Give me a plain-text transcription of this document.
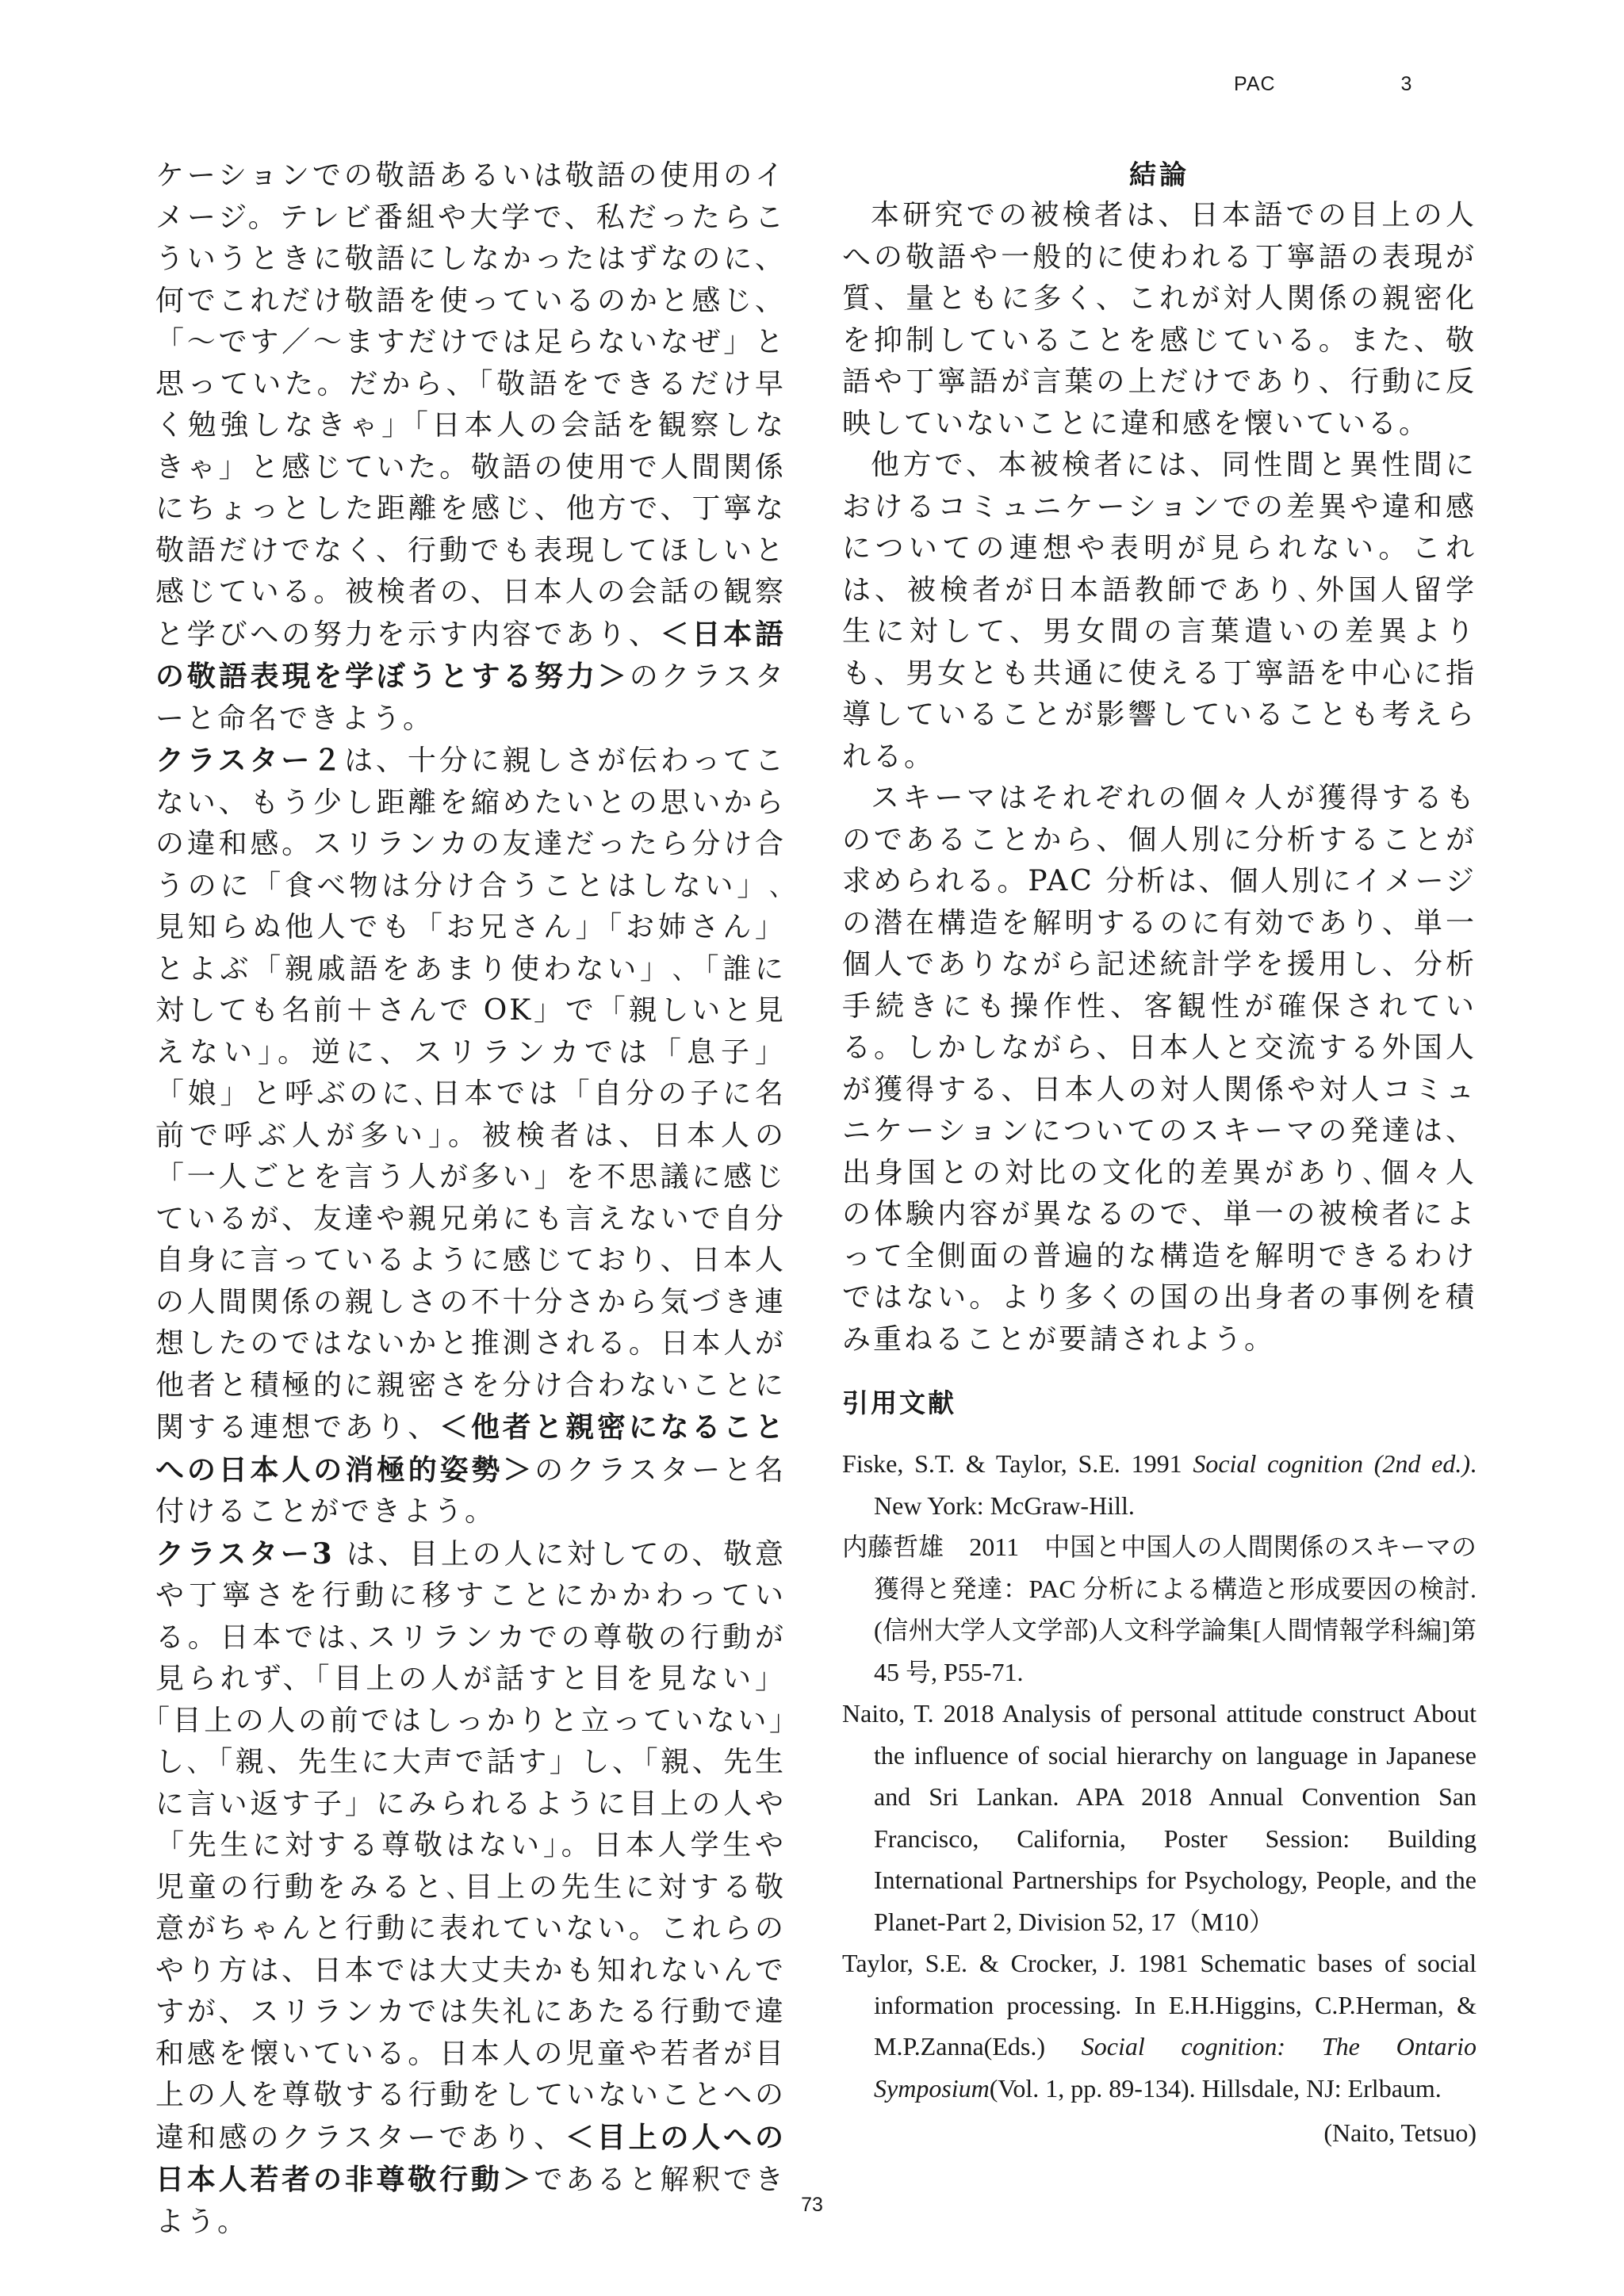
PAC	3

ケーションでの敬語あるいは敬語の使用のイメージ。テレビ番組や大学で、私だったらこういうときに敬語にしなかったはずなのに、何でこれだけ敬語を使っているのかと感じ、「～です／～ますだけでは足らないなぜ」と思っていた。だから、「敬語をできるだけ早く勉強しなきゃ」「日本人の会話を観察しなきゃ」と感じていた。敬語の使用で人間関係にちょっとした距離を感じ、他方で、丁寧な敬語だけでなく、行動でも表現してほしいと感じている。被検者の、日本人の会話の観察と学びへの努力を示す内容であり、＜日本語の敬語表現を学ぼうとする努力＞のクラスターと命名できよう。

クラスター２は、十分に親しさが伝わってこない、もう少し距離を縮めたいとの思いからの違和感。スリランカの友達だったら分け合うのに「食べ物は分け合うことはしない」､見知らぬ他人でも「お兄さん」「お姉さん」とよぶ「親戚語をあまり使わない」､「誰に対しても名前＋さんで OK」で「親しいと見えない」。逆に、スリランカでは「息子」「娘」と呼ぶのに､日本では「自分の子に名前で呼ぶ人が多い」。被検者は、日本人の「一人ごとを言う人が多い」を不思議に感じているが、友達や親兄弟にも言えないで自分自身に言っているように感じており、日本人の人間関係の親しさの不十分さから気づき連想したのではないかと推測される。日本人が他者と積極的に親密さを分け合わないことに関する連想であり、＜他者と親密になることへの日本人の消極的姿勢＞のクラスターと名付けることができよう。

クラスター3 は、目上の人に対しての、敬意や丁寧さを行動に移すことにかかわっている。日本では､スリランカでの尊敬の行動が見られず、「目上の人が話すと目を見ない」｢目上の人の前ではしっかりと立っていない」し､「親、先生に大声で話す」し、「親、先生に言い返す子」にみられるように目上の人や「先生に対する尊敬はない」。日本人学生や児童の行動をみると､目上の先生に対する敬意がちゃんと行動に表れていない。これらのやり方は、日本では大丈夫かも知れないんですが、スリランカでは失礼にあたる行動で違和感を懐いている。日本人の児童や若者が目上の人を尊敬する行動をしていないことへの違和感のクラスターであり、＜目上の人への日本人若者の非尊敬行動＞であると解釈できよう。

結論

本研究での被検者は、日本語での目上の人への敬語や一般的に使われる丁寧語の表現が質、量ともに多く、これが対人関係の親密化を抑制していることを感じている。また、敬語や丁寧語が言葉の上だけであり、行動に反映していないことに違和感を懐いている。

他方で、本被検者には、同性間と異性間におけるコミュニケーションでの差異や違和感についての連想や表明が見られない。これは、被検者が日本語教師であり､外国人留学生に対して、男女間の言葉遣いの差異よりも、男女とも共通に使える丁寧語を中心に指導していることが影響していることも考えられる。

スキーマはそれぞれの個々人が獲得するものであることから、個人別に分析することが求められる。PAC 分析は、個人別にイメージの潜在構造を解明するのに有効であり、単一個人でありながら記述統計学を援用し、分析手続きにも操作性、客観性が確保されている。しかしながら、日本人と交流する外国人が獲得する、日本人の対人関係や対人コミュニケーションについてのスキーマの発達は、出身国との対比の文化的差異があり､個々人の体験内容が異なるので、単一の被検者によって全側面の普遍的な構造を解明できるわけではない。より多くの国の出身者の事例を積み重ねることが要請されよう。

引用文献

Fiske, S.T. & Taylor, S.E. 1991 Social cognition (2nd ed.). New York: McGraw-Hill.

内藤哲雄　2011　中国と中国人の人間関係のスキーマの獲得と発達：PAC 分析による構造と形成要因の検討. (信州大学人文学部)人文科学論集[人間情報学科編]第 45 号, P55-71.

Naito, T. 2018 Analysis of personal attitude construct About the influence of social hierarchy on language in Japanese and Sri Lankan. APA 2018 Annual Convention San Francisco, California, Poster Session: Building International Partnerships for Psychology, People, and the Planet-Part 2, Division 52, 17（M10）

Taylor, S.E. & Crocker, J. 1981 Schematic bases of social information processing. In E.H.Higgins, C.P.Herman, & M.P.Zanna(Eds.) Social cognition: The Ontario Symposium(Vol. 1, pp. 89-134). Hillsdale, NJ: Erlbaum.

(Naito, Tetsuo)

73
